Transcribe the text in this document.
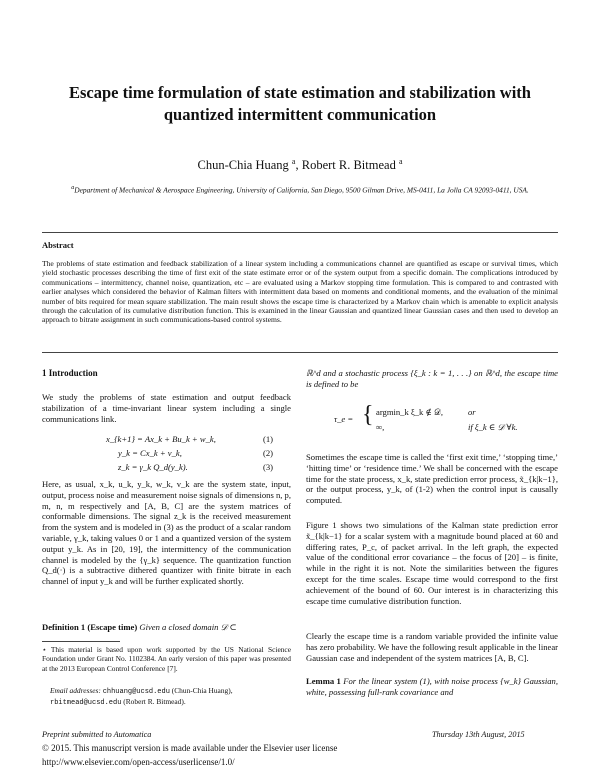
Escape time formulation of state estimation and stabilization with quantized intermittent communication
Chun-Chia Huang $^a$, Robert R. Bitmead $^a$
$^a$Department of Mechanical & Aerospace Engineering, University of California, San Diego, 9500 Gilman Drive, MS-0411, La Jolla CA 92093-0411, USA.
Abstract
The problems of state estimation and feedback stabilization of a linear system including a communications channel are quantified as escape or survival times, which yield stochastic processes describing the time of first exit of the state estimate error or of the system output from a specific domain. The complications introduced by communications – intermittency, channel noise, quantization, etc – are evaluated using a Markov stopping time formulation. This is compared to and contrasted with earlier analyses which considered the behavior of Kalman filters with intermittent data based on moments and conditional moments, and the evaluation of the minimal number of bits required for mean square stabilization. The main result shows the escape time is characterized by a Markov chain which is amenable to explicit analysis through the calculation of its cumulative distribution function. This is examined in the linear Gaussian and quantized linear Gaussian cases and then used to develop an approach to bitrate assignment in such communications-based control systems.
1 Introduction
We study the problems of state estimation and output feedback stabilization of a time-invariant linear system including a single communications link.
x_{k+1} = Ax_k + Bu_k + w_k,	(1)
y_k = Cx_k + v_k,	(2)
z_k = γ_k Q_d(y_k).	(3)
Here, as usual, x_k, u_k, y_k, w_k, v_k are the system state, input, output, process noise and measurement noise signals of dimensions n, p, m, n, m respectively and [A, B, C] are the system matrices of conformable dimensions. The signal z_k is the received measurement from the system and is modeled in (3) as the product of a scalar random variable, γ_k, taking values 0 or 1 and a quantized version of the system output y_k. As in [20, 19], the intermittency of the communication channel is modeled by the {γ_k} sequence. The quantization function Q_d(·) is a subtractive dithered quantizer with finite bitrate in each channel of input y_k and will be further explicated shortly.
Definition 1 (Escape time) Given a closed domain 𝒟 ⊂
⋆ This material is based upon work supported by the US National Science Foundation under Grant No. 1102384. An early version of this paper was presented at the 2013 European Control Conference [7].
Email addresses: chhuang@ucsd.edu (Chun-Chia Huang),
rbitmead@ucsd.edu (Robert R. Bitmead).
ℝ^d and a stochastic process {ξ_k : k = 1, . . .} on ℝ^d, the escape time is defined to be
τ_e = { argmin_k ξ_k ∉ 𝒟,	or
∞,	if ξ_k ∈ 𝒟 ∀k.
Sometimes the escape time is called the ‘first exit time,’ ‘stopping time,’ ‘hitting time’ or ‘residence time.’ We shall be concerned with the escape time for the state process, x_k, state prediction error process, x̃_{k|k−1}, or the output process, y_k, of (1-2) when the control input is causally computed.
Figure 1 shows two simulations of the Kalman state prediction error x̃_{k|k−1} for a scalar system with a magnitude bound placed at 60 and differing rates, P_c, of packet arrival. In the left graph, the expected value of the conditional error covariance – the focus of [20] – is finite, while in the right it is not. Note the similarities between the figures except for the time scales. Escape time would correspond to the first achievement of the bound of 60. Our interest is in characterizing this escape time cumulative distribution function.
Clearly the escape time is a random variable provided the infinite value has zero probability. We have the following result applicable in the linear Gaussian case and independent of the system matrices [A, B, C].
Lemma 1 For the linear system (1), with noise process {w_k} Gaussian, white, possessing full-rank covariance and
Preprint submitted to Automatica	Thursday 13th August, 2015
© 2015. This manuscript version is made available under the Elsevier user license
http://www.elsevier.com/open-access/userlicense/1.0/
